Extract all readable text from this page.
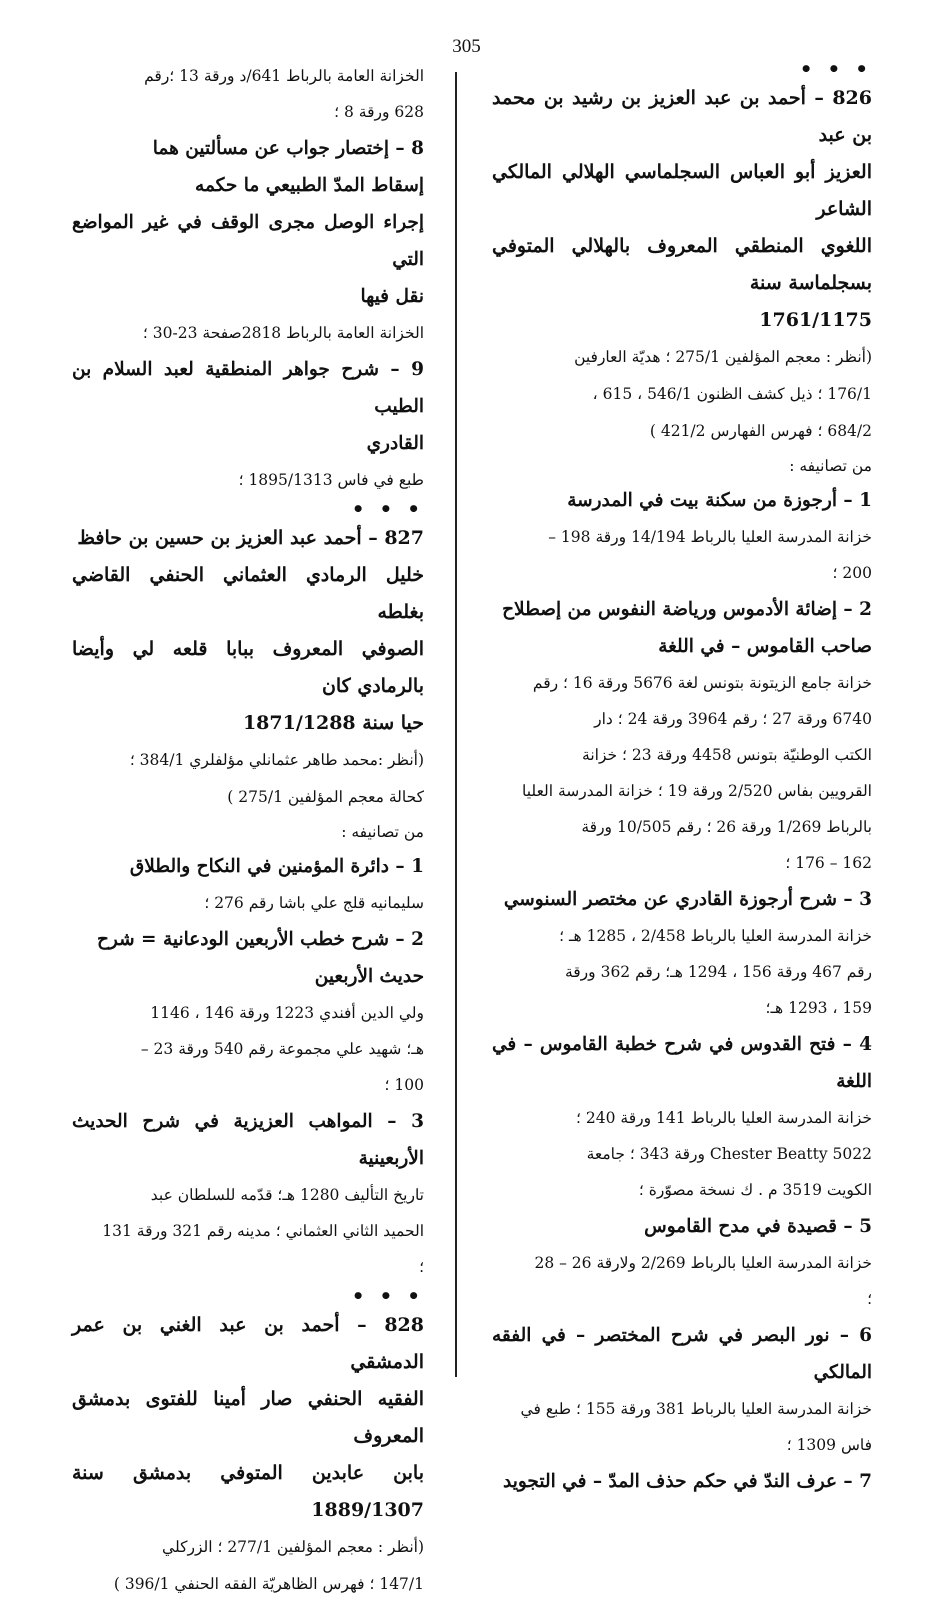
305

• • •

826 – أحمد بن عبد العزيز بن رشيد بن محمد بن عبد

العزيز أبو العباس السجلماسي الهلالي المالكي الشاعر

اللغوي المنطقي المعروف بالهلالي المتوفي بسجلماسة سنة

1761/1175

(أنظر : معجم المؤلفين 275/1 ؛ هديّة العارفين

176/1 ؛ ذيل كشف الظنون 546/1 ، 615 ،

684/2 ؛ فهرس الفهارس 421/2 )

من تصانيفه :

1 – أرجوزة من سكنة بيت في المدرسة

خزانة المدرسة العليا بالرباط 14/194 ورقة 198 –

200 ؛

2 – إضائة الأدموس ورياضة النفوس من إصطلاح

صاحب القاموس – في اللغة

خزانة جامع الزيتونة بتونس لغة 5676 ورقة 16 ؛ رقم

6740 ورقة 27 ؛ رقم 3964 ورقة 24 ؛ دار

الكتب الوطنيّة بتونس 4458 ورقة 23 ؛ خزانة

القرويين بفاس 2/520 ورقة 19 ؛ خزانة المدرسة العليا

بالرباط 1/269 ورقة 26 ؛ رقم 10/505 ورقة

162 – 176 ؛

3 – شرح أرجوزة القادري عن مختصر السنوسي

خزانة المدرسة العليا بالرباط 2/458 ، 1285 هـ ؛

رقم 467 ورقة 156 ، 1294 هـ؛ رقم 362 ورقة

159 ، 1293 هـ؛

4 – فتح القدوس في شرح خطبة القاموس – في اللغة

خزانة المدرسة العليا بالرباط 141 ورقة 240 ؛

Chester Beatty 5022 ورقة 343 ؛ جامعة

الكويت 3519 م . ك نسخة مصوّرة ؛

5 – قصيدة في مدح القاموس

خزانة المدرسة العليا بالرباط 2/269 ولارقة 26 – 28

؛

6 – نور البصر في شرح المختصر – في الفقه المالكي

خزانة المدرسة العليا بالرباط 381 ورقة 155 ؛ طبع في

فاس 1309 ؛

7 – عرف الندّ في حكم حذف المدّ – في التجويد

الخزانة العامة بالرباط 641/د ورقة 13 ؛رقم

628 ورقة 8 ؛

8 – إختصار جواب عن مسألتين هما

إسقاط المدّ الطبيعي ما حكمه

إجراء الوصل مجرى الوقف في غير المواضع التي

نقل فيها

الخزانة العامة بالرباط 2818صفحة 23-30 ؛

9 – شرح جواهر المنطقية لعبد السلام بن الطيب

القادري

طبع في فاس 1895/1313 ؛

• • •

827 – أحمد عبد العزيز بن حسين بن حافظ

خليل الرمادي العثماني الحنفي القاضي بغلطه

الصوفي المعروف ببابا قلعه لي وأيضا بالرمادي كان

حيا سنة 1871/1288

(أنظر :محمد طاهر عثمانلي مؤلفلري 384/1 ؛

كحالة معجم المؤلفين 275/1 )

من تصانيفه :

1 – دائرة المؤمنين في النكاح والطلاق

سليمانيه قلج علي باشا رقم 276 ؛

2 – شرح خطب الأربعين الودعانية = شرح

حديث الأربعين

ولي الدين أفندي 1223 ورقة 146 ، 1146

هـ؛ شهيد علي مجموعة رقم 540 ورقة 23 –

100 ؛

3 – المواهب العزيزية في شرح الحديث الأربعينية

تاريخ التأليف 1280 هـ؛ قدّمه للسلطان عبد

الحميد الثاني العثماني ؛ مدينه رقم 321 ورقة 131

؛

• • •

828 – أحمد بن عبد الغني بن عمر الدمشقي

الفقيه الحنفي صار أمينا للفتوى بدمشق المعروف

بابن عابدين المتوفي بدمشق سنة 1889/1307

(أنظر : معجم المؤلفين 277/1 ؛ الزركلي

147/1 ؛ فهرس الظاهريّة الفقه الحنفي 396/1 )
